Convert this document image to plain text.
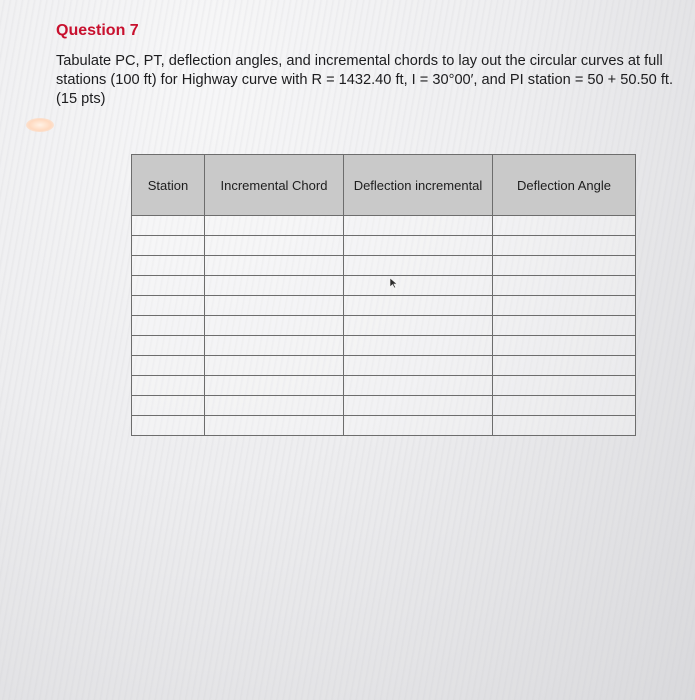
Question 7

Tabulate PC, PT, deflection angles, and incremental chords to lay out the circular curves at full stations (100 ft) for Highway curve with R = 1432.40 ft, I = 30°00′, and PI station = 50 + 50.50 ft. (15 pts)

Station	Incremental Chord	Deflection incremental	Deflection Angle
